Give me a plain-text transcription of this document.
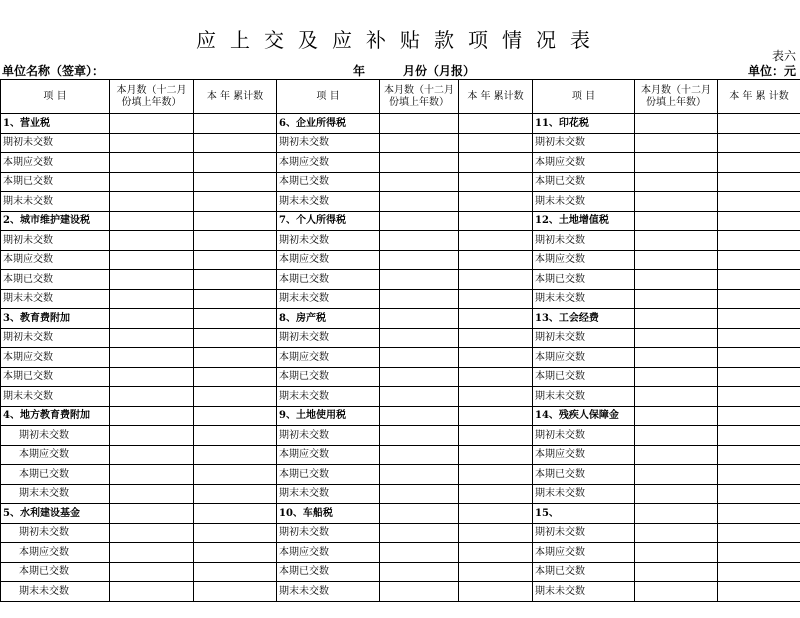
应上交及应补贴款项情况表
表六
单位名称（签章）：	年	月份（月报）	单位：元
项 目	本月数（十二月份填上年数）	本 年 累计数	项 目	本月数（十二月份填上年数）	本 年 累计数	项 目	本月数（十二月份填上年数）	本 年 累 计数
1、营业税			6、企业所得税			11、印花税		
期初未交数			期初未交数			期初未交数		
本期应交数			本期应交数			本期应交数		
本期已交数			本期已交数			本期已交数		
期末未交数			期末未交数			期末未交数		
2、城市维护建设税			7、个人所得税			12、土地增值税		
期初未交数			期初未交数			期初未交数		
本期应交数			本期应交数			本期应交数		
本期已交数			本期已交数			本期已交数		
期末未交数			期末未交数			期末未交数		
3、教育费附加			8、房产税			13、工会经费		
期初未交数			期初未交数			期初未交数		
本期应交数			本期应交数			本期应交数		
本期已交数			本期已交数			本期已交数		
期末未交数			期末未交数			期末未交数		
4、地方教育费附加			9、土地使用税			14、残疾人保障金		
期初未交数			期初未交数			期初未交数		
本期应交数			本期应交数			本期应交数		
本期已交数			本期已交数			本期已交数		
期末未交数			期末未交数			期末未交数		
5、水利建设基金			10、车船税			15、		
期初未交数			期初未交数			期初未交数		
本期应交数			本期应交数			本期应交数		
本期已交数			本期已交数			本期已交数		
期末未交数			期末未交数			期末未交数		
